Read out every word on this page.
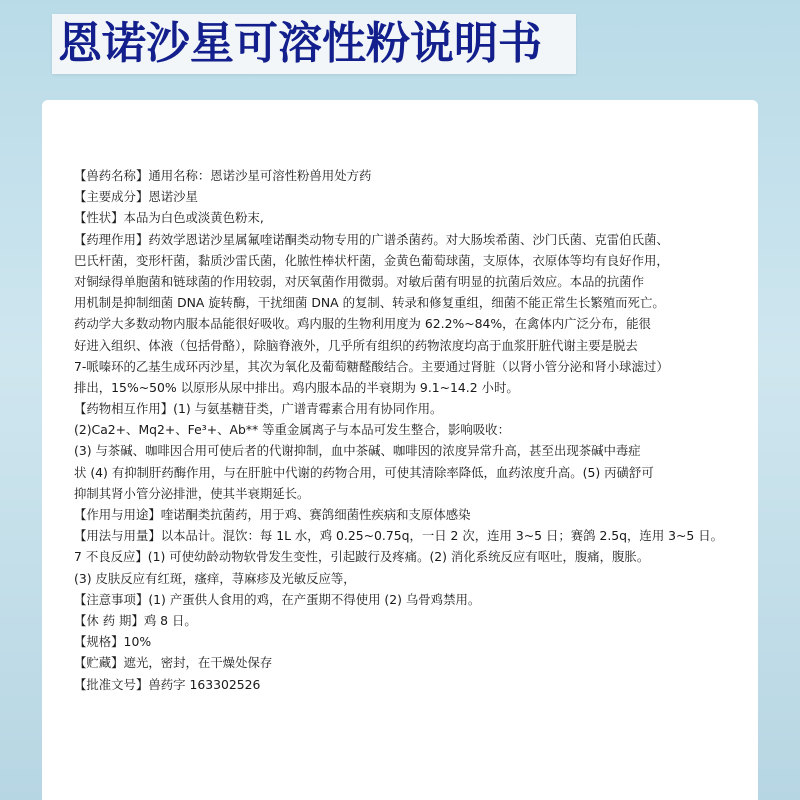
恩诺沙星可溶性粉说明书
【兽药名称】通用名称：恩诺沙星可溶性粉兽用处方药
【主要成分】恩诺沙星
【性状】本品为白色或淡黄色粉末,
【药理作用】药效学恩诺沙星属氟喹诺酮类动物专用的广谱杀菌药。对大肠埃希菌、沙门氏菌、克雷伯氏菌、
巴氏杆菌，变形杆菌，黏质沙雷氏菌，化脓性棒状杆菌，金黄色葡萄球菌，支原体，衣原体等均有良好作用，
对铜绿得单胞菌和链球菌的作用较弱，对厌氧菌作用微弱。对敏后菌有明显的抗菌后效应。本品的抗菌作
用机制是抑制细菌 DNA 旋转酶，干扰细菌 DNA 的复制、转录和修复重组，细菌不能正常生长繁殖而死亡。
药动学大多数动物内服本品能很好吸收。鸡内服的生物利用度为 62.2%~84%，在禽体内广泛分布，能很
好进入组织、体液（包括骨酪），除脑脊液外，几乎所有组织的药物浓度均高于血浆肝脏代谢主要是脱去
7-哌嗪环的乙基生成环丙沙星，其次为氧化及葡萄糖醛酸结合。主要通过肾脏（以肾小管分泌和肾小球滤过）
排出，15%~50% 以原形从尿中排出。鸡内服本品的半衰期为 9.1~14.2 小时。
【药物相互作用】(1) 与氨基糖苷类，广谱青霉素合用有协同作用。
(2)Ca2+、Mq2+、Fe³+、Ab** 等重金属离子与本品可发生整合，影响吸收：
(3) 与茶碱、咖啡因合用可使后者的代谢抑制，血中茶碱、咖啡因的浓度异常升高，甚至出现茶碱中毒症
状 (4) 有抑制肝药酶作用，与在肝脏中代谢的药物合用，可使其清除率降低，血药浓度升高。(5) 丙磺舒可
抑制其肾小管分泌排泄，使其半衰期延长。
【作用与用途】喹诺酮类抗菌药，用于鸡、赛鸽细菌性疾病和支原体感染
【用法与用量】以本品计。混饮：每 1L 水，鸡 0.25~0.75q，一日 2 次，连用 3~5 日；赛鸽 2.5q，连用 3~5 日。
7 不良反应】(1) 可使幼龄动物软骨发生变性，引起跛行及疼痛。(2) 消化系统反应有呕吐，腹痛，腹胀。
(3) 皮肤反应有红斑，瘙痒，荨麻疹及光敏反应等，
【注意事项】(1) 产蛋供人食用的鸡，在产蛋期不得使用 (2) 乌骨鸡禁用。
【休 药 期】鸡 8 日。
【规格】10%
【贮藏】遮光，密封，在干燥处保存
【批准文号】兽药字 163302526
